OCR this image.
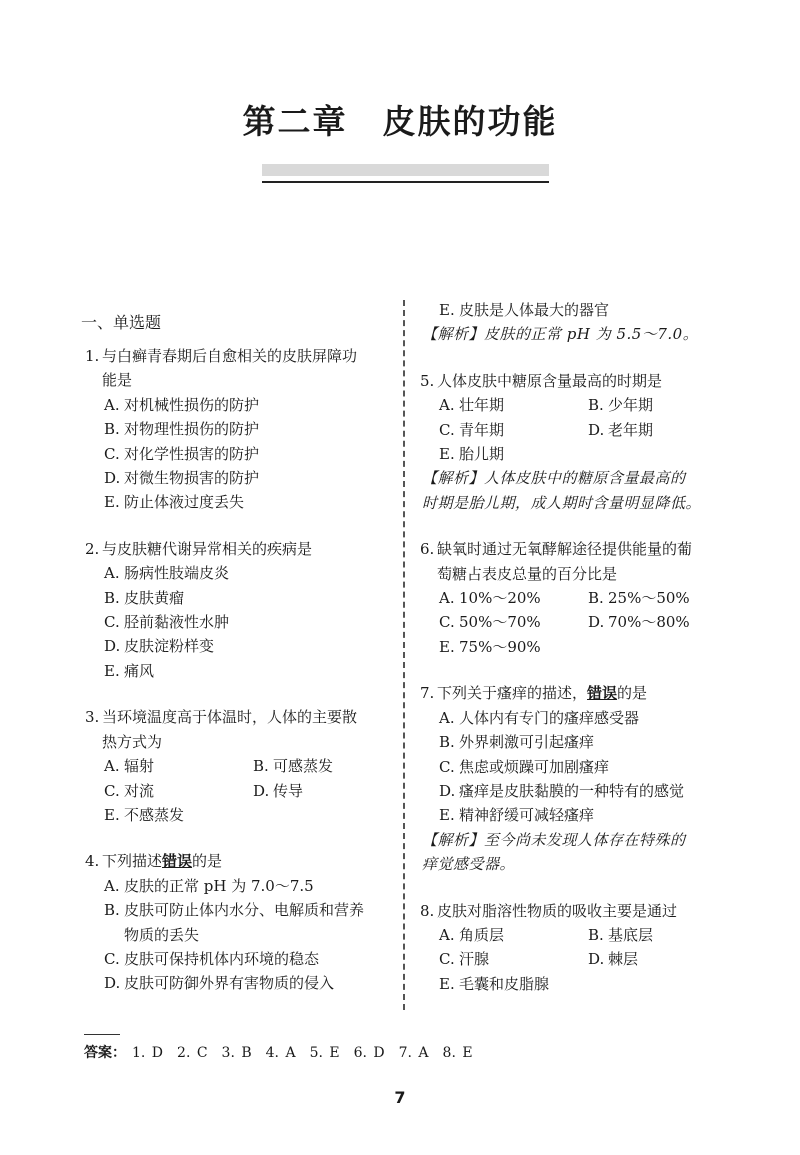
第二章　皮肤的功能
一、单选题
1. 与白癣青春期后自愈相关的皮肤屏障功
能是
A. 对机械性损伤的防护
B. 对物理性损伤的防护
C. 对化学性损害的防护
D. 对微生物损害的防护
E. 防止体液过度丢失
2. 与皮肤糖代谢异常相关的疾病是
A. 肠病性肢端皮炎
B. 皮肤黄瘤
C. 胫前黏液性水肿
D. 皮肤淀粉样变
E. 痛风
3. 当环境温度高于体温时，人体的主要散
热方式为
A. 辐射	B. 可感蒸发
C. 对流	D. 传导
E. 不感蒸发
4. 下列描述错误的是
A. 皮肤的正常 pH 为 7.0～7.5
B. 皮肤可防止体内水分、电解质和营养
物质的丢失
C. 皮肤可保持机体内环境的稳态
D. 皮肤可防御外界有害物质的侵入
E. 皮肤是人体最大的器官
【解析】皮肤的正常 pH 为 5.5～7.0。
5. 人体皮肤中糖原含量最高的时期是
A. 壮年期	B. 少年期
C. 青年期	D. 老年期
E. 胎儿期
【解析】人体皮肤中的糖原含量最高的
时期是胎儿期，成人期时含量明显降低。
6. 缺氧时通过无氧酵解途径提供能量的葡
萄糖占表皮总量的百分比是
A. 10%～20%	B. 25%～50%
C. 50%～70%	D. 70%～80%
E. 75%～90%
7. 下列关于瘙痒的描述，错误的是
A. 人体内有专门的瘙痒感受器
B. 外界刺激可引起瘙痒
C. 焦虑或烦躁可加剧瘙痒
D. 瘙痒是皮肤黏膜的一种特有的感觉
E. 精神舒缓可减轻瘙痒
【解析】至今尚未发现人体存在特殊的
痒觉感受器。
8. 皮肤对脂溶性物质的吸收主要是通过
A. 角质层	B. 基底层
C. 汗腺	D. 棘层
E. 毛囊和皮脂腺
答案： 1. D　2. C　3. B　4. A　5. E　6. D　7. A　8. E
7
